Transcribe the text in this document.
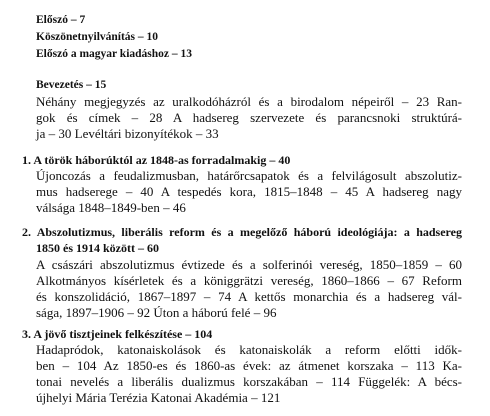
Előszó – 7
Köszönetnyilvánítás – 10
Előszó a magyar kiadáshoz – 13
Bevezetés – 15
Néhány megjegyzés az uralkodóházról és a birodalom népeiről – 23 Ran-
gok és címek – 28 A hadsereg szervezete és parancsnoki struktúrá-
ja – 30 Levéltári bizonyítékok – 33
1. A török háborúktól az 1848-as forradalmakig – 40
Újoncozás a feudalizmusban, határőrcsapatok és a felvilágosult abszolutiz-
mus hadserege – 40 A tespedés kora, 1815–1848 – 45 A hadsereg nagy
válsága 1848–1849-ben – 46
2. Abszolutizmus, liberális reform és a megelőző háború ideológiája: a hadsereg
1850 és 1914 között – 60
A császári abszolutizmus évtizede és a solferinói vereség, 1850–1859 – 60
Alkotmányos kísérletek és a königgrätzi vereség, 1860–1866 – 67 Reform
és konszolidáció, 1867–1897 – 74 A kettős monarchia és a hadsereg vál-
sága, 1897–1906 – 92 Úton a háború felé – 96
3. A jövő tisztjeinek felkészítése – 104
Hadapródok, katonaiskolások és katonaiskolák a reform előtti idők-
ben – 104 Az 1850-es és 1860-as évek: az átmenet korszaka – 113 Ka-
tonai nevelés a liberális dualizmus korszakában – 114 Függelék: A bécs-
újhelyi Mária Terézia Katonai Akadémia – 121
